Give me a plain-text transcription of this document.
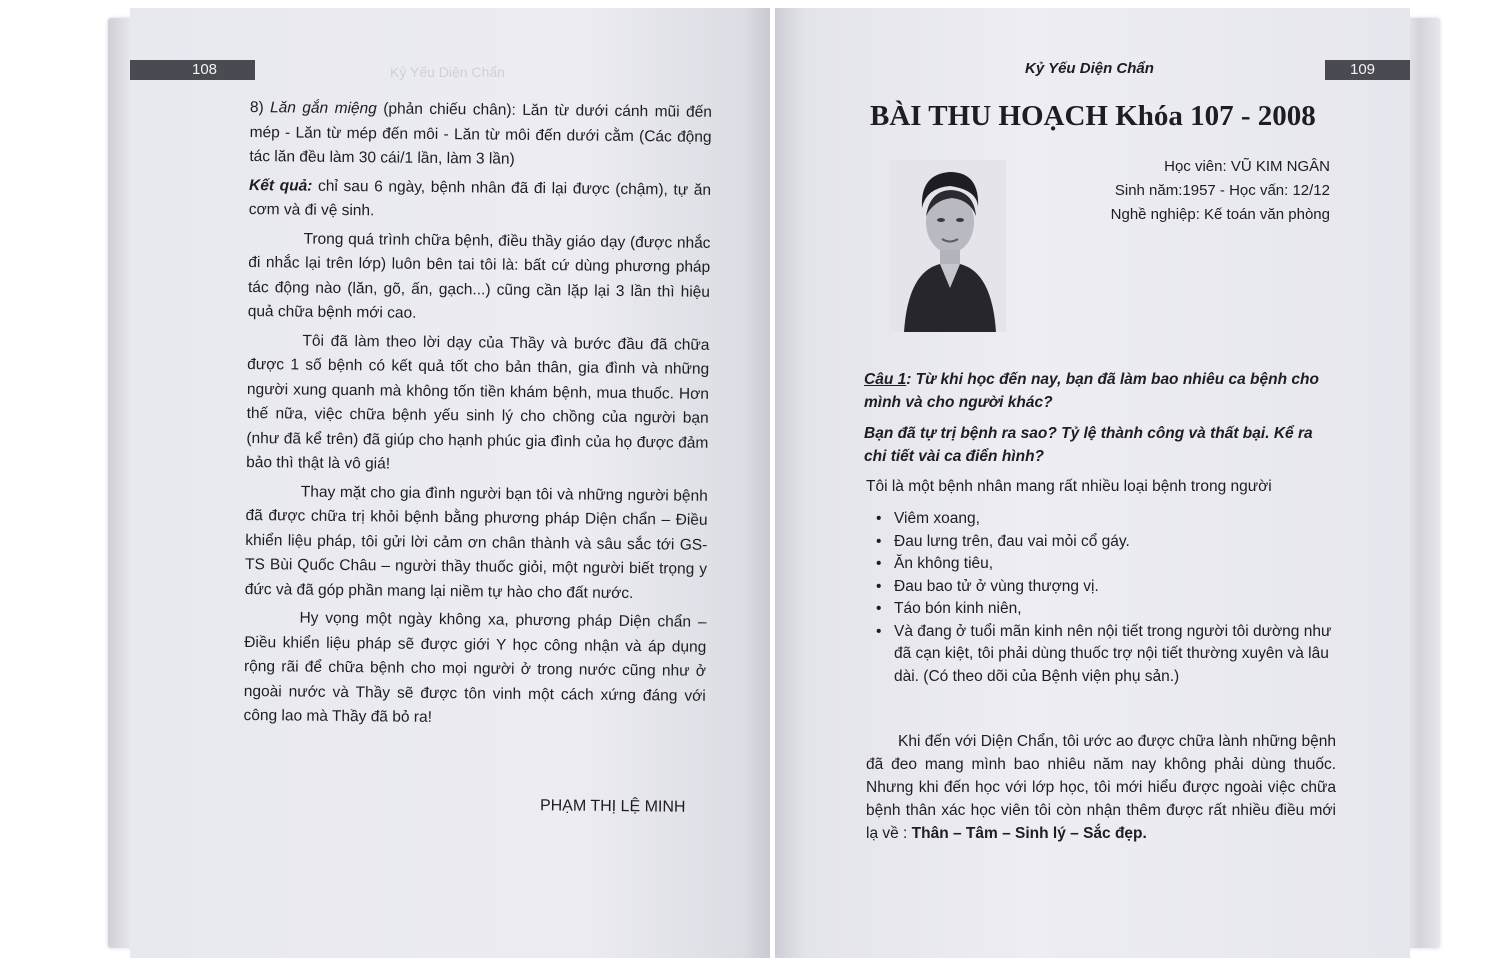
108	Kỷ Yếu Diện Chẩn

8) Lăn gắn miệng (phản chiếu chân): Lăn từ dưới cánh mũi đến mép - Lăn từ mép đến môi - Lăn từ môi đến dưới cằm (Các động tác lăn đều làm 30 cái/1 lần, làm 3 lần)

Kết quả: chỉ sau 6 ngày, bệnh nhân đã đi lại được (chậm), tự ăn cơm và đi vệ sinh.

Trong quá trình chữa bệnh, điều thầy giáo dạy (được nhắc đi nhắc lại trên lớp) luôn bên tai tôi là: bất cứ dùng phương pháp tác động nào (lăn, gõ, ấn, gạch...) cũng cần lặp lại 3 lần thì hiệu quả chữa bệnh mới cao.

Tôi đã làm theo lời dạy của Thầy và bước đầu đã chữa được 1 số bệnh có kết quả tốt cho bản thân, gia đình và những người xung quanh mà không tốn tiền khám bệnh, mua thuốc. Hơn thế nữa, việc chữa bệnh yếu sinh lý cho chồng của người bạn (như đã kể trên) đã giúp cho hạnh phúc gia đình của họ được đảm bảo thì thật là vô giá!

Thay mặt cho gia đình người bạn tôi và những người bệnh đã được chữa trị khỏi bệnh bằng phương pháp Diện chẩn – Điều khiển liệu pháp, tôi gửi lời cảm ơn chân thành và sâu sắc tới GS-TS Bùi Quốc Châu – người thầy thuốc giỏi, một người biết trọng y đức và đã góp phần mang lại niềm tự hào cho đất nước.

Hy vọng một ngày không xa, phương pháp Diện chẩn – Điều khiển liệu pháp sẽ được giới Y học công nhận và áp dụng rộng rãi để chữa bệnh cho mọi người ở trong nước cũng như ở ngoài nước và Thầy sẽ được tôn vinh một cách xứng đáng với công lao mà Thầy đã bỏ ra!

PHẠM THỊ LỆ MINH
109
Kỷ Yếu Diện Chẩn
BÀI THU HOẠCH Khóa 107 - 2008
Học viên: VŨ KIM NGÂN
Sinh năm:1957 - Học vấn: 12/12
Nghề nghiệp: Kế toán văn phòng
Câu 1: Từ khi học đến nay, bạn đã làm bao nhiêu ca bệnh cho mình và cho người khác?
Bạn đã tự trị bệnh ra sao? Tỷ lệ thành công và thất bại. Kể ra chi tiết vài ca điển hình?
Tôi là một bệnh nhân mang rất nhiều loại bệnh trong người
• Viêm xoang,
• Đau lưng trên, đau vai mỏi cổ gáy.
• Ăn không tiêu,
• Đau bao tử ở vùng thượng vị.
• Táo bón kinh niên,
• Và đang ở tuổi mãn kinh nên nội tiết trong người tôi dường như đã cạn kiệt, tôi phải dùng thuốc trợ nội tiết thường xuyên và lâu dài. (Có theo dõi của Bệnh viện phụ sản.)
Khi đến với Diện Chẩn, tôi ước ao được chữa lành những bệnh đã đeo mang mình bao nhiêu năm nay không phải dùng thuốc. Nhưng khi đến học với lớp học, tôi mới hiểu được ngoài việc chữa bệnh thân xác học viên tôi còn nhận thêm được rất nhiều điều mới lạ về : Thân – Tâm – Sinh lý – Sắc đẹp.
